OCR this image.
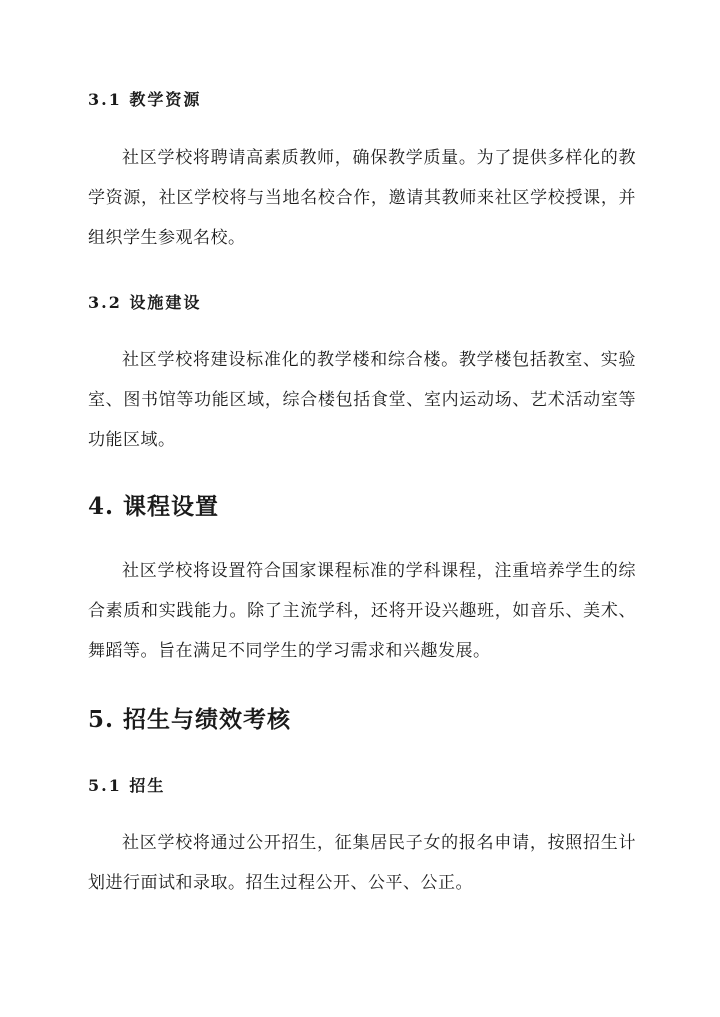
3.1 教学资源

社区学校将聘请高素质教师，确保教学质量。为了提供多样化的教学资源，社区学校将与当地名校合作，邀请其教师来社区学校授课，并组织学生参观名校。

3.2 设施建设

社区学校将建设标准化的教学楼和综合楼。教学楼包括教室、实验室、图书馆等功能区域，综合楼包括食堂、室内运动场、艺术活动室等功能区域。

4. 课程设置

社区学校将设置符合国家课程标准的学科课程，注重培养学生的综合素质和实践能力。除了主流学科，还将开设兴趣班，如音乐、美术、舞蹈等。旨在满足不同学生的学习需求和兴趣发展。

5. 招生与绩效考核
5.1 招生

社区学校将通过公开招生，征集居民子女的报名申请，按照招生计划进行面试和录取。招生过程公开、公平、公正。
